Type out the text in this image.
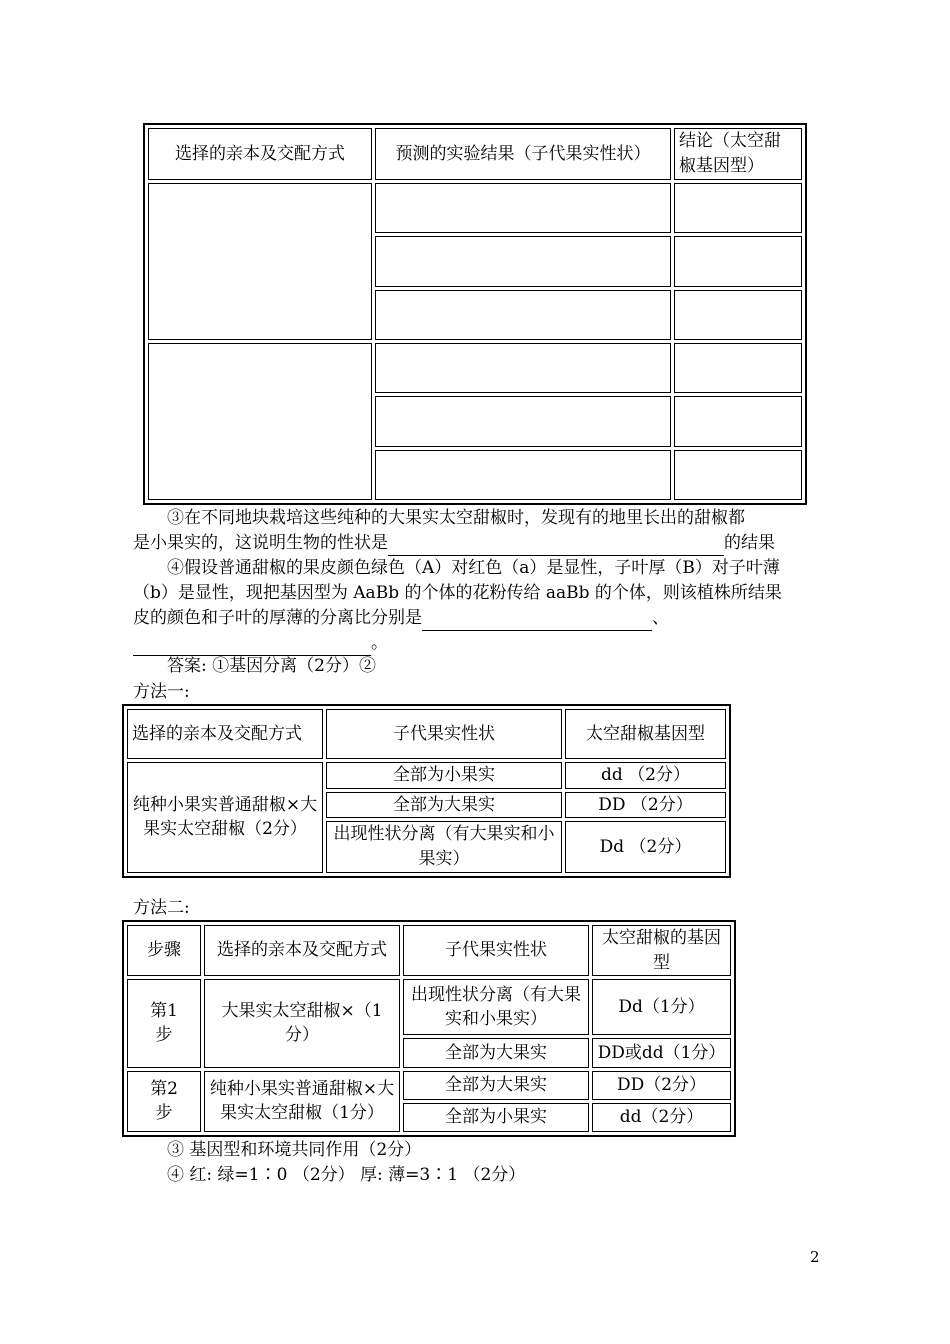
选择的亲本及交配方式	预测的实验结果（子代果实性状）	结论（太空甜椒基因型）

③在不同地块栽培这些纯种的大果实太空甜椒时，发现有的地里长出的甜椒都
是小果实的，这说明生物的性状是	的结果
④假设普通甜椒的果皮颜色绿色（A）对红色（a）是显性，子叶厚（B）对子叶薄
（b）是显性，现把基因型为 AaBb 的个体的花粉传给 aaBb 的个体，则该植株所结果
皮的颜色和子叶的厚薄的分离比分别是	、
。
答案: ①基因分离（2分）②
方法一:
选择的亲本及交配方式	子代果实性状	太空甜椒基因型
纯种小果实普通甜椒×大果实太空甜椒（2分）	全部为小果实	dd （2分）
	全部为大果实	DD （2分）
	出现性状分离（有大果实和小果实）	Dd （2分）
方法二:
步骤	选择的亲本及交配方式	子代果实性状	太空甜椒的基因型
第1步	大果实太空甜椒×（1分）	出现性状分离（有大果实和小果实）	Dd（1分）
		全部为大果实	DD或dd（1分）
第2步	纯种小果实普通甜椒×大果实太空甜椒（1分）	全部为大果实	DD（2分）
		全部为小果实	dd（2分）
③ 基因型和环境共同作用（2分）
④ 红: 绿=1∶0 （2分） 厚: 薄=3∶1 （2分）
2
